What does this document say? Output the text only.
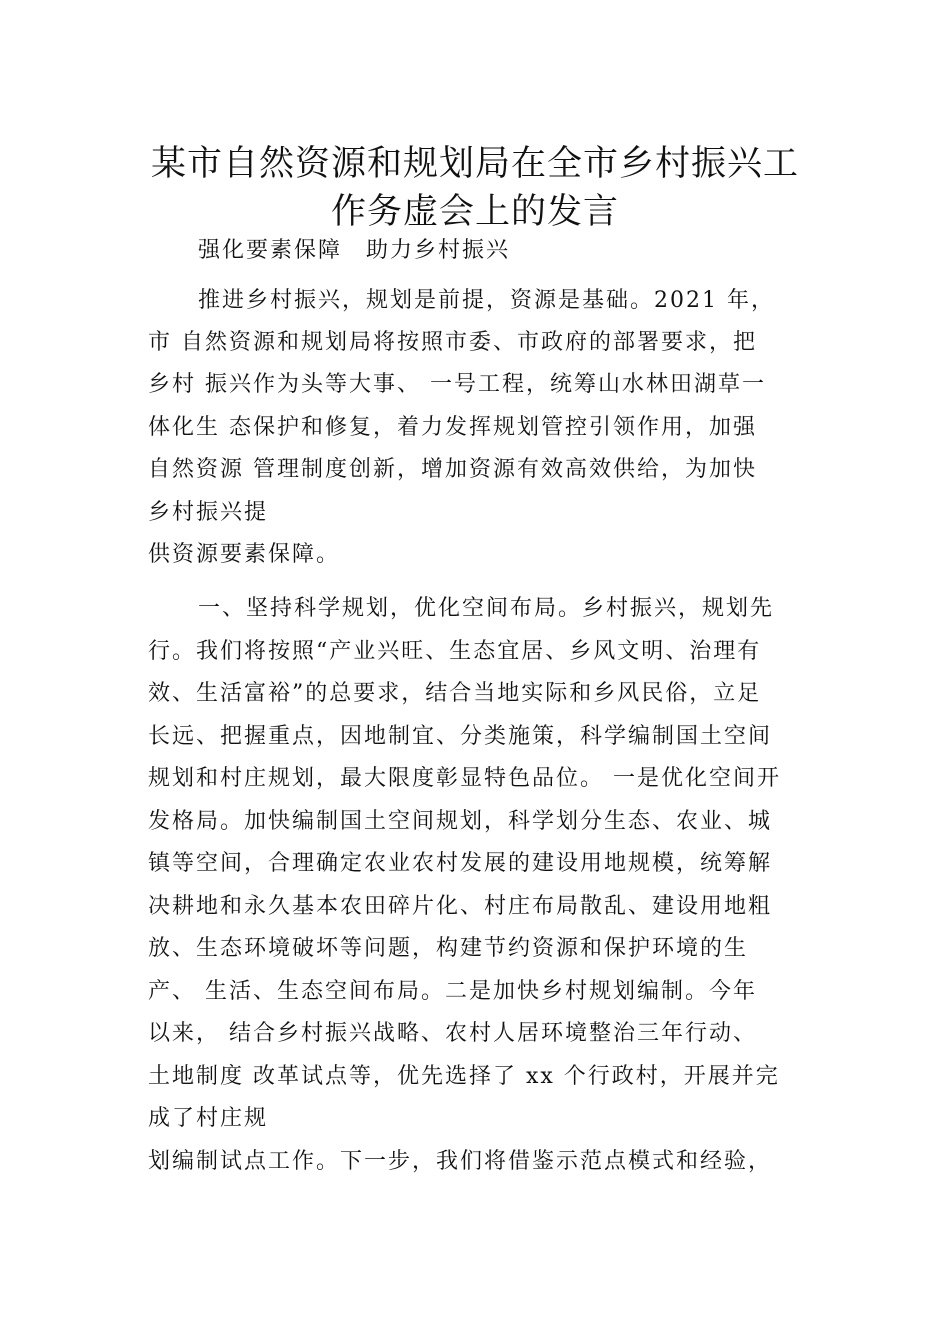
某市自然资源和规划局在全市乡村振兴工
作务虚会上的发言
强化要素保障　助力乡村振兴
推进乡村振兴，规划是前提，资源是基础。2021 年，
市 自然资源和规划局将按照市委、市政府的部署要求，把
乡村 振兴作为头等大事、 一号工程，统筹山水林田湖草一
体化生 态保护和修复，着力发挥规划管控引领作用，加强
自然资源 管理制度创新，增加资源有效高效供给，为加快
乡村振兴提
供资源要素保障。
一、坚持科学规划，优化空间布局。乡村振兴，规划先
行。我们将按照“产业兴旺、生态宜居、乡风文明、治理有
效、生活富裕”的总要求，结合当地实际和乡风民俗，立足
长远、把握重点，因地制宜、分类施策，科学编制国土空间
规划和村庄规划，最大限度彰显特色品位。 一是优化空间开
发格局。加快编制国土空间规划，科学划分生态、农业、城
镇等空间，合理确定农业农村发展的建设用地规模，统筹解
决耕地和永久基本农田碎片化、村庄布局散乱、建设用地粗
放、生态环境破坏等问题，构建节约资源和保护环境的生
产、 生活、生态空间布局。二是加快乡村规划编制。今年
以来， 结合乡村振兴战略、农村人居环境整治三年行动、
土地制度 改革试点等，优先选择了 xx 个行政村，开展并完
成了村庄规
划编制试点工作。下一步，我们将借鉴示范点模式和经验，
